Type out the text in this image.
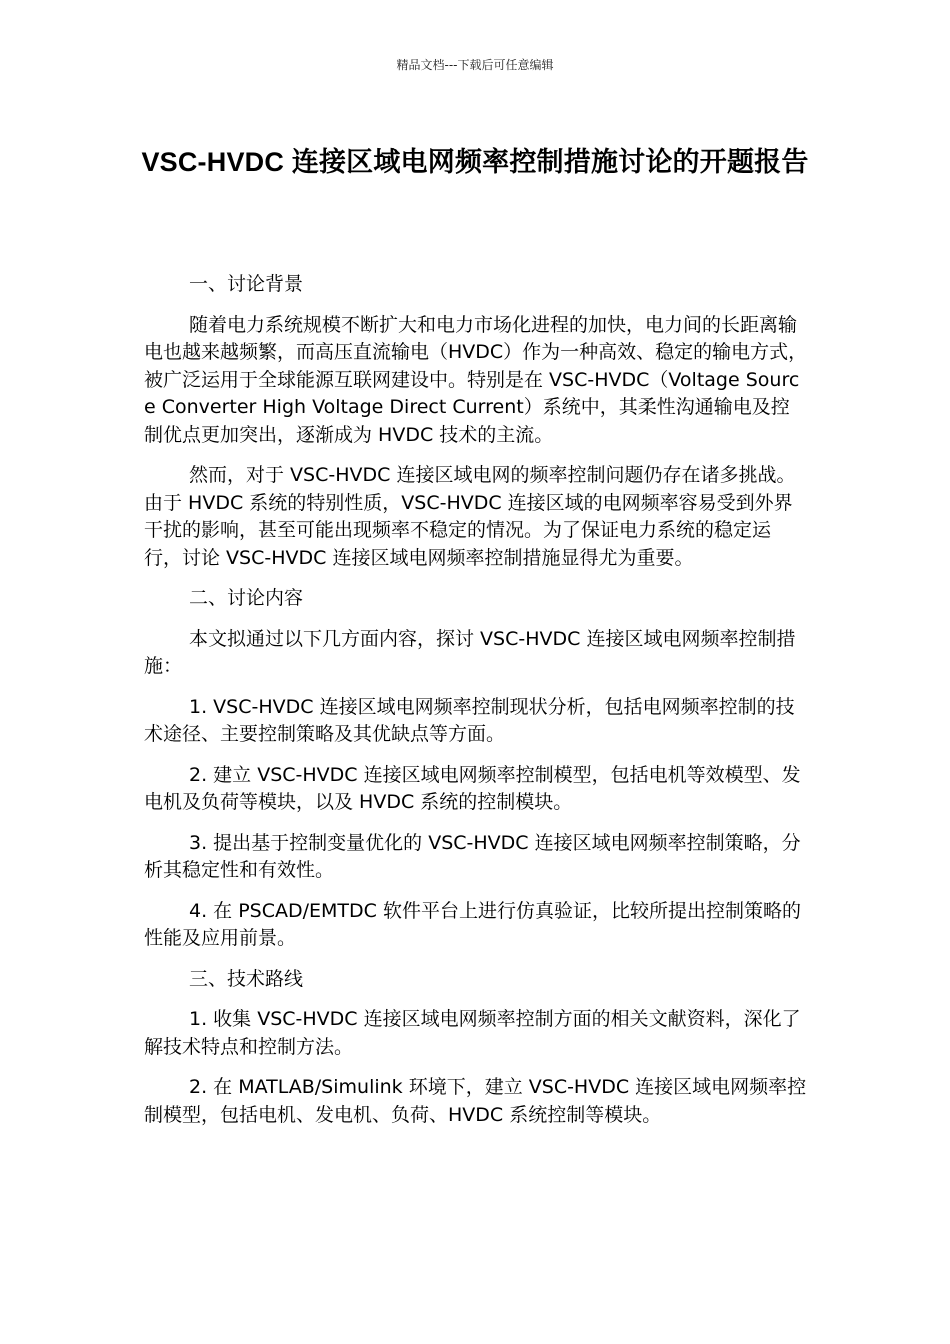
精品文档---下载后可任意编辑
VSC-HVDC 连接区域电网频率控制措施讨论的开题报告

一、讨论背景

随着电力系统规模不断扩大和电力市场化进程的加快，电力间的长距离输电也越来越频繁，而高压直流输电（HVDC）作为一种高效、稳定的输电方式，被广泛运用于全球能源互联网建设中。特别是在 VSC-HVDC（Voltage Source Converter High Voltage Direct Current）系统中，其柔性沟通输电及控制优点更加突出，逐渐成为 HVDC 技术的主流。

然而，对于 VSC-HVDC 连接区域电网的频率控制问题仍存在诸多挑战。由于 HVDC 系统的特别性质，VSC-HVDC 连接区域的电网频率容易受到外界干扰的影响，甚至可能出现频率不稳定的情况。为了保证电力系统的稳定运行，讨论 VSC-HVDC 连接区域电网频率控制措施显得尤为重要。

二、讨论内容

本文拟通过以下几方面内容，探讨 VSC-HVDC 连接区域电网频率控制措施：

1. VSC-HVDC 连接区域电网频率控制现状分析，包括电网频率控制的技术途径、主要控制策略及其优缺点等方面。

2. 建立 VSC-HVDC 连接区域电网频率控制模型，包括电机等效模型、发电机及负荷等模块，以及 HVDC 系统的控制模块。

3. 提出基于控制变量优化的 VSC-HVDC 连接区域电网频率控制策略，分析其稳定性和有效性。

4. 在 PSCAD/EMTDC 软件平台上进行仿真验证，比较所提出控制策略的性能及应用前景。

三、技术路线

1. 收集 VSC-HVDC 连接区域电网频率控制方面的相关文献资料，深化了解技术特点和控制方法。

2. 在 MATLAB/Simulink 环境下，建立 VSC-HVDC 连接区域电网频率控制模型，包括电机、发电机、负荷、HVDC 系统控制等模块。
